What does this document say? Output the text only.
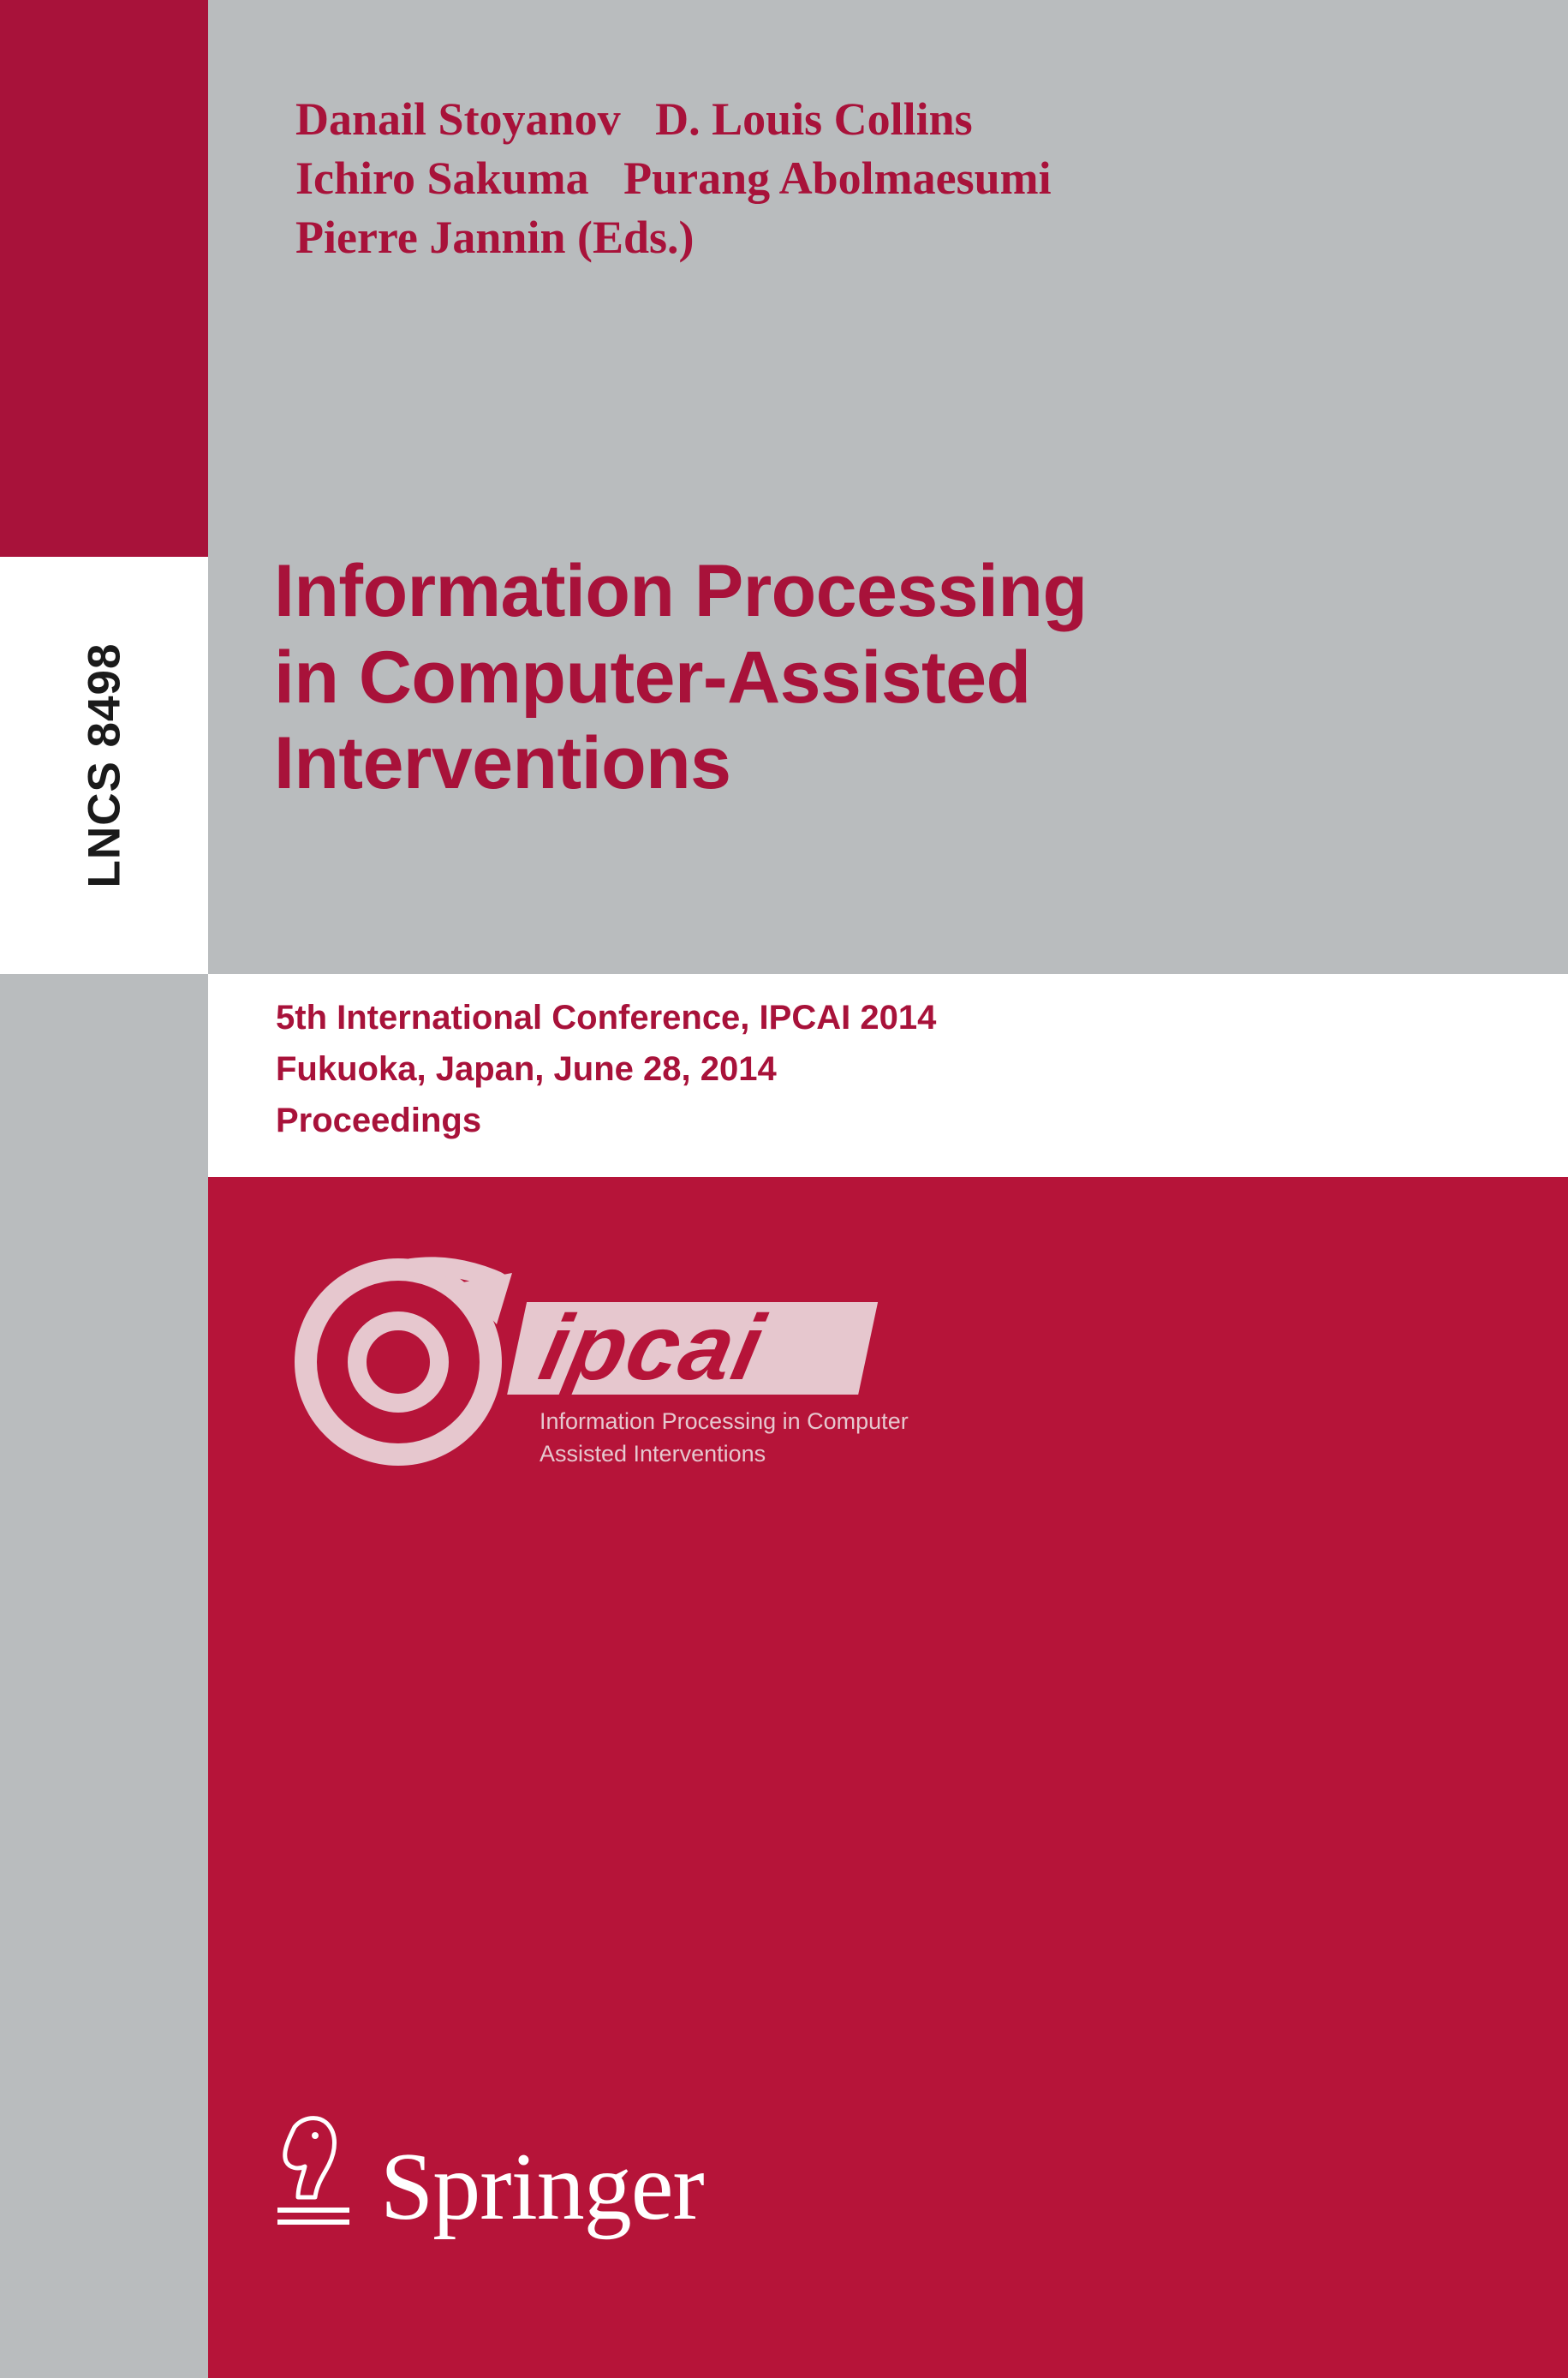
LNCS 8498
Danail Stoyanov   D. Louis Collins
Ichiro Sakuma   Purang Abolmaesumi
Pierre Jannin (Eds.)
Information Processing
in Computer-Assisted
Interventions
5th International Conference, IPCAI 2014
Fukuoka, Japan, June 28, 2014
Proceedings
ipcai
Information Processing in Computer
Assisted Interventions
Springer
